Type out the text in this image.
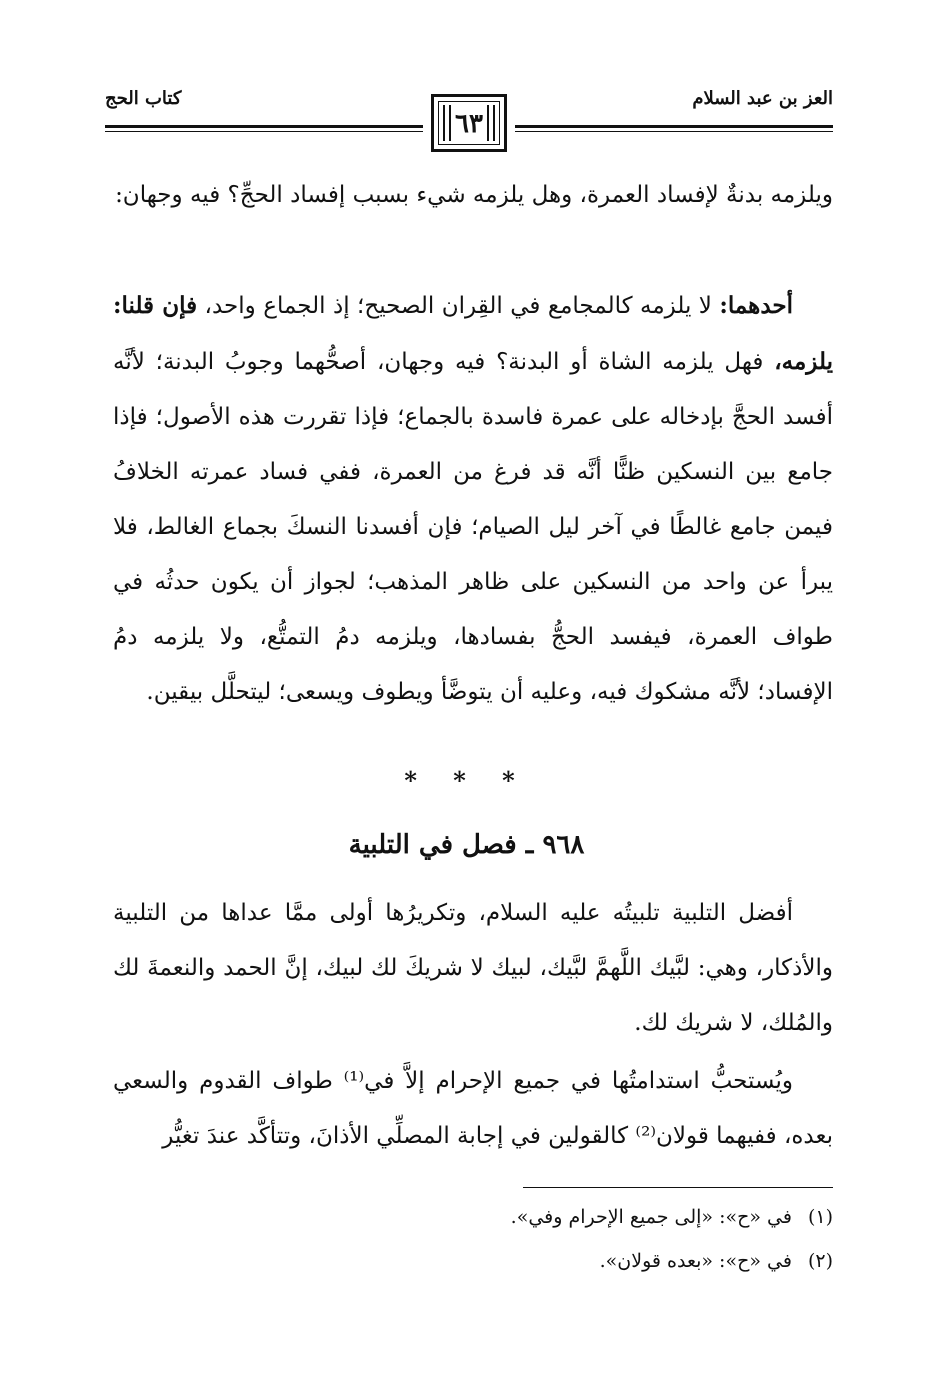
العز بن عبد السلام
كتاب الحج
٦٣
ويلزمه بدنةٌ لإفساد العمرة، وهل يلزمه شيء بسبب إفساد الحجِّ؟ فيه وجهان:
أحدهما: لا يلزمه كالمجامع في القِران الصحيح؛ إذ الجماع واحد، فإن قلنا: يلزمه، فهل يلزمه الشاة أو البدنة؟ فيه وجهان، أصحُّهما وجوبُ البدنة؛ لأنَّه أفسد الحجَّ بإدخاله على عمرة فاسدة بالجماع؛ فإذا تقررت هذه الأصول؛ فإذا جامع بين النسكين ظنًّا أنَّه قد فرغ من العمرة، ففي فساد عمرته الخلافُ فيمن جامع غالطًا في آخر ليل الصيام؛ فإن أفسدنا النسكَ بجماع الغالط، فلا يبرأ عن واحد من النسكين على ظاهر المذهب؛ لجواز أن يكون حدثُه في طواف العمرة، فيفسد الحجُّ بفسادها، ويلزمه دمُ التمتُّع، ولا يلزمه دمُ الإفساد؛ لأنَّه مشكوك فيه، وعليه أن يتوضَّأ ويطوف ويسعى؛ ليتحلَّل بيقين.
* * *
٩٦٨ ـ فصل في التلبية
أفضل التلبية تلبيتُه عليه السلام، وتكريرُها أولى ممَّا عداها من التلبية والأذكار، وهي: لبَّيك اللَّهمَّ لبَّيك، لبيك لا شريكَ لك لبيك، إنَّ الحمد والنعمةَ لك والمُلك، لا شريك لك.
ويُستحبُّ استدامتُها في جميع الإحرام إلاَّ في⁽¹⁾ طواف القدوم والسعي بعده، ففيهما قولان⁽²⁾ كالقولين في إجابة المصلِّي الأذانَ، وتتأكَّد عندَ تغيُّر
(١)في «ح»: «إلى جميع الإحرام وفي».
(٢)في «ح»: «بعده قولان».
